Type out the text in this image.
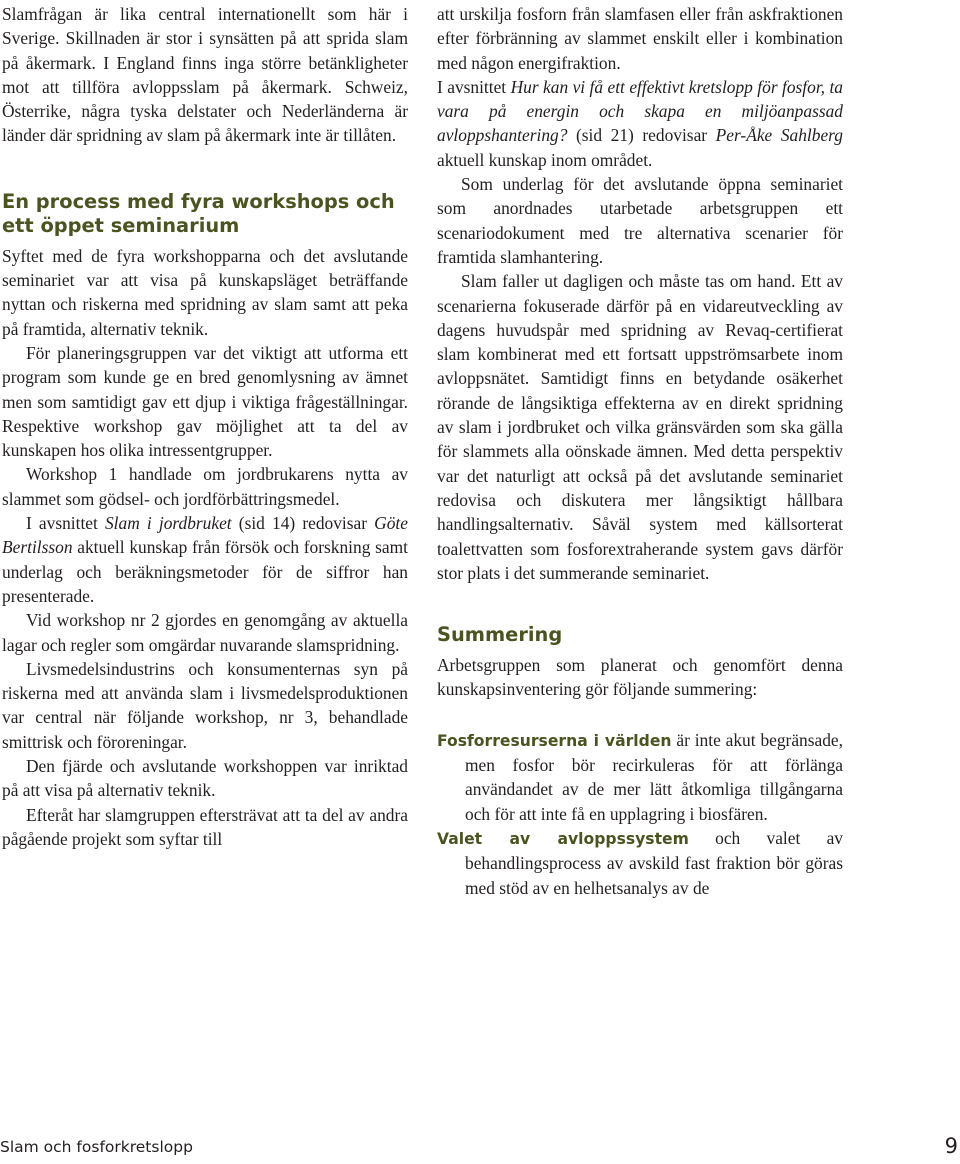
Slamfrågan är lika central internationellt som här i Sverige. Skillnaden är stor i synsätten på att sprida slam på åkermark. I England finns inga större betänkligheter mot att tillföra avloppsslam på åkermark. Schweiz, Österrike, några tyska delstater och Nederländerna är länder där spridning av slam på åkermark inte är tillåten.

En process med fyra workshops och ett öppet seminarium

Syftet med de fyra workshopparna och det avslutande seminariet var att visa på kunskapsläget beträffande nyttan och riskerna med spridning av slam samt att peka på framtida, alternativ teknik.

För planeringsgruppen var det viktigt att utforma ett program som kunde ge en bred genomlysning av ämnet men som samtidigt gav ett djup i viktiga frågeställningar. Respektive workshop gav möjlighet att ta del av kunskapen hos olika intressentgrupper.

Workshop 1 handlade om jordbrukarens nytta av slammet som gödsel- och jordförbättringsmedel.

I avsnittet Slam i jordbruket (sid 14) redovisar Göte Bertilsson aktuell kunskap från försök och forskning samt underlag och beräkningsmetoder för de siffror han presenterade.

Vid workshop nr 2 gjordes en genomgång av aktuella lagar och regler som omgärdar nuvarande slamspridning.

Livsmedelsindustrins och konsumenternas syn på riskerna med att använda slam i livsmedelsproduktionen var central när följande workshop, nr 3, behandlade smittrisk och föroreningar.

Den fjärde och avslutande workshoppen var inriktad på att visa på alternativ teknik.

Efteråt har slamgruppen eftersträvat att ta del av andra pågående projekt som syftar till

att urskilja fosforn från slamfasen eller från askfraktionen efter förbränning av slammet enskilt eller i kombination med någon energifraktion.

I avsnittet Hur kan vi få ett effektivt kretslopp för fosfor, ta vara på energin och skapa en miljöanpassad avloppshantering? (sid 21) redovisar Per-Åke Sahlberg aktuell kunskap inom området.

Som underlag för det avslutande öppna seminariet som anordnades utarbetade arbetsgruppen ett scenariodokument med tre alternativa scenarier för framtida slamhantering.

Slam faller ut dagligen och måste tas om hand. Ett av scenarierna fokuserade därför på en vidareutveckling av dagens huvudspår med spridning av Revaq-certifierat slam kombinerat med ett fortsatt uppströmsarbete inom avloppsnätet. Samtidigt finns en betydande osäkerhet rörande de långsiktiga effekterna av en direkt spridning av slam i jordbruket och vilka gränsvärden som ska gälla för slammets alla oönskade ämnen. Med detta perspektiv var det naturligt att också på det avslutande seminariet redovisa och diskutera mer långsiktigt hållbara handlingsalternativ. Såväl system med källsorterat toalettvatten som fosforextraherande system gavs därför stor plats i det summerande seminariet.

Summering

Arbetsgruppen som planerat och genomfört denna kunskapsinventering gör följande summering:

Fosforresurserna i världen är inte akut begränsade, men fosfor bör recirkuleras för att förlänga användandet av de mer lätt åtkomliga tillgångarna och för att inte få en upplagring i biosfären.

Valet av avloppssystem och valet av behandlingsprocess av avskild fast fraktion bör göras med stöd av en helhetsanalys av de

Slam och fosforkretslopp	9
